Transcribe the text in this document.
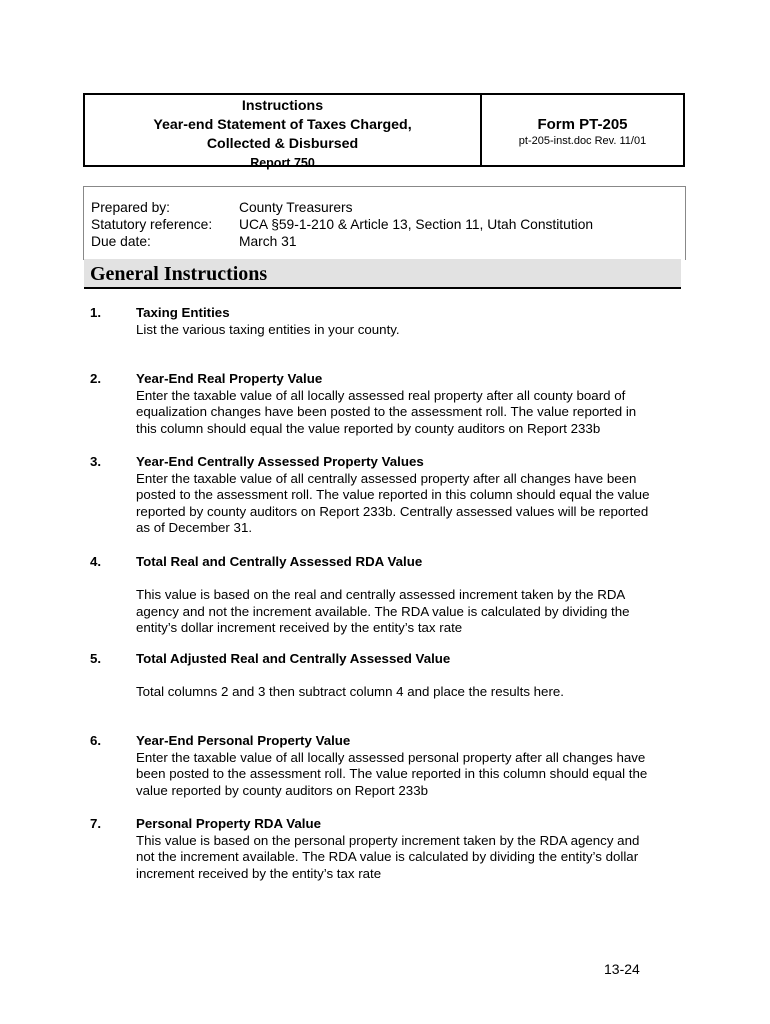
Instructions
Year-end Statement of Taxes Charged,
Collected & Disbursed
Report 750
Form PT-205
pt-205-inst.doc Rev. 11/01
Prepared by:	County Treasurers
Statutory reference:	UCA §59-1-210 & Article 13, Section 11, Utah Constitution
Due date:	March 31
General Instructions
1.	Taxing Entities
List the various taxing entities in your county.
2.	Year-End Real Property Value
Enter the taxable value of all locally assessed real property after all county board of
equalization changes have been posted to the assessment roll. The value reported in
this column should equal the value reported by county auditors on Report 233b
3.	Year-End Centrally Assessed Property Values
Enter the taxable value of all centrally assessed property after all changes have been
posted to the assessment roll. The value reported in this column should equal the value
reported by county auditors on Report 233b. Centrally assessed values will be reported
as of December 31.
4.	Total Real and Centrally Assessed RDA Value
This value is based on the real and centrally assessed increment taken by the RDA
agency and not the increment available. The RDA value is calculated by dividing the
entity’s dollar increment received by the entity’s tax rate
5.	Total Adjusted Real and Centrally Assessed Value
Total columns 2 and 3 then subtract column 4 and place the results here.
6.	Year-End Personal Property Value
Enter the taxable value of all locally assessed personal property after all changes have
been posted to the assessment roll. The value reported in this column should equal the
value reported by county auditors on Report 233b
7.	Personal Property RDA Value
This value is based on the personal property increment taken by the RDA agency and
not the increment available. The RDA value is calculated by dividing the entity’s dollar
increment received by the entity’s tax rate
13-24
